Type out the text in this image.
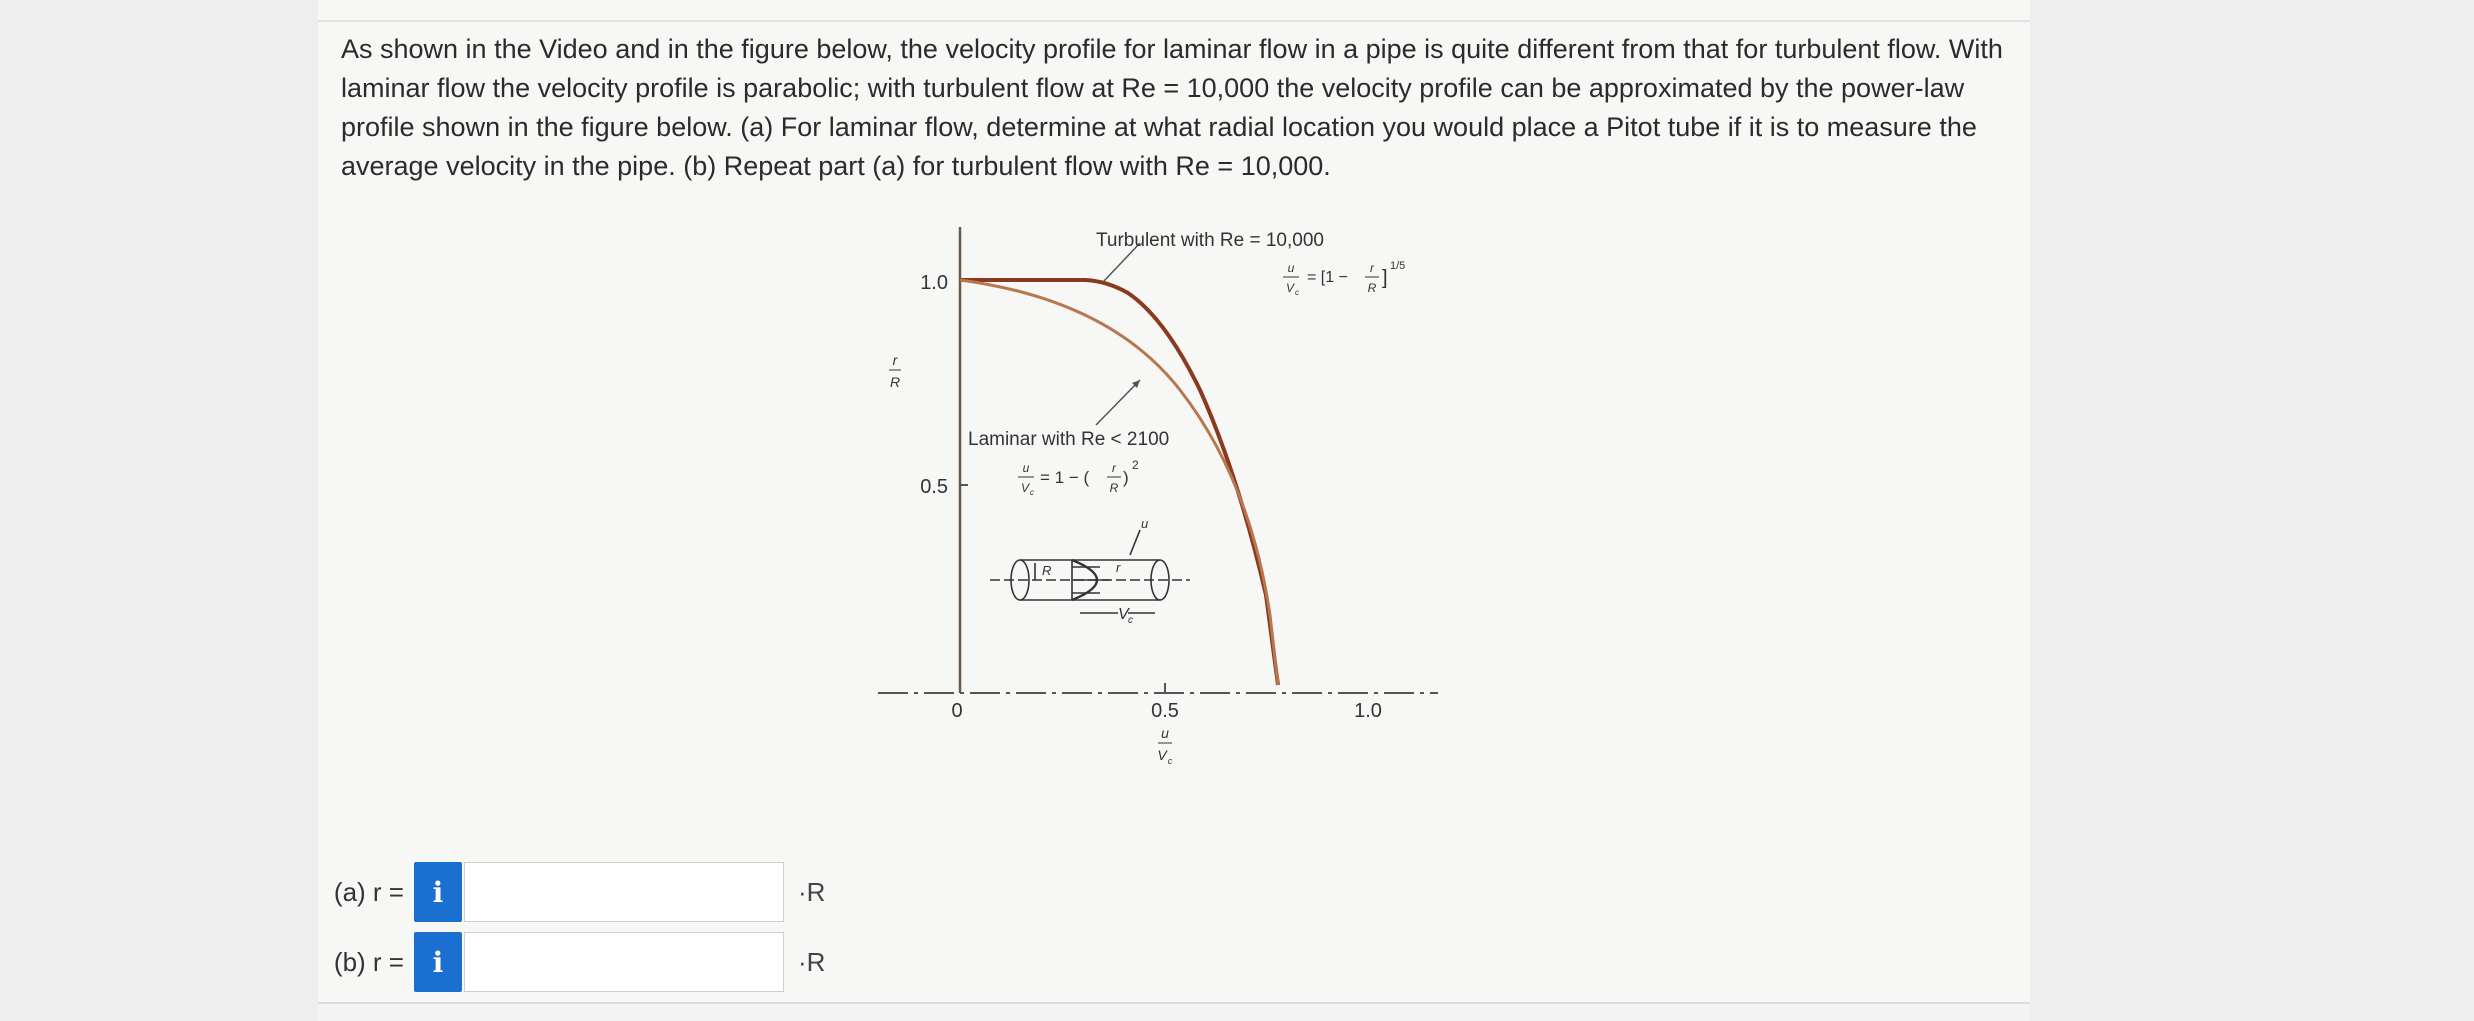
As shown in the Video and in the figure below, the velocity profile for laminar flow in a pipe is quite different from that for turbulent flow. With laminar flow the velocity profile is parabolic; with turbulent flow at Re = 10,000 the velocity profile can be approximated by the power-law profile shown in the figure below. (a) For laminar flow, determine at what radial location you would place a Pitot tube if it is to measure the average velocity in the pipe. (b) Repeat part (a) for turbulent flow with Re = 10,000.

1.0
0.5
r
R
0	0.5	1.0
u
V c
Turbulent with Re = 10,000
u
V c
= [1 −
r
R ]
1/5
Laminar with Re < 2100
u
V c
= 1 − ( r
R
)
2
R	r
u
V c
(a) r =	i	·R
(b) r =	i	·R
